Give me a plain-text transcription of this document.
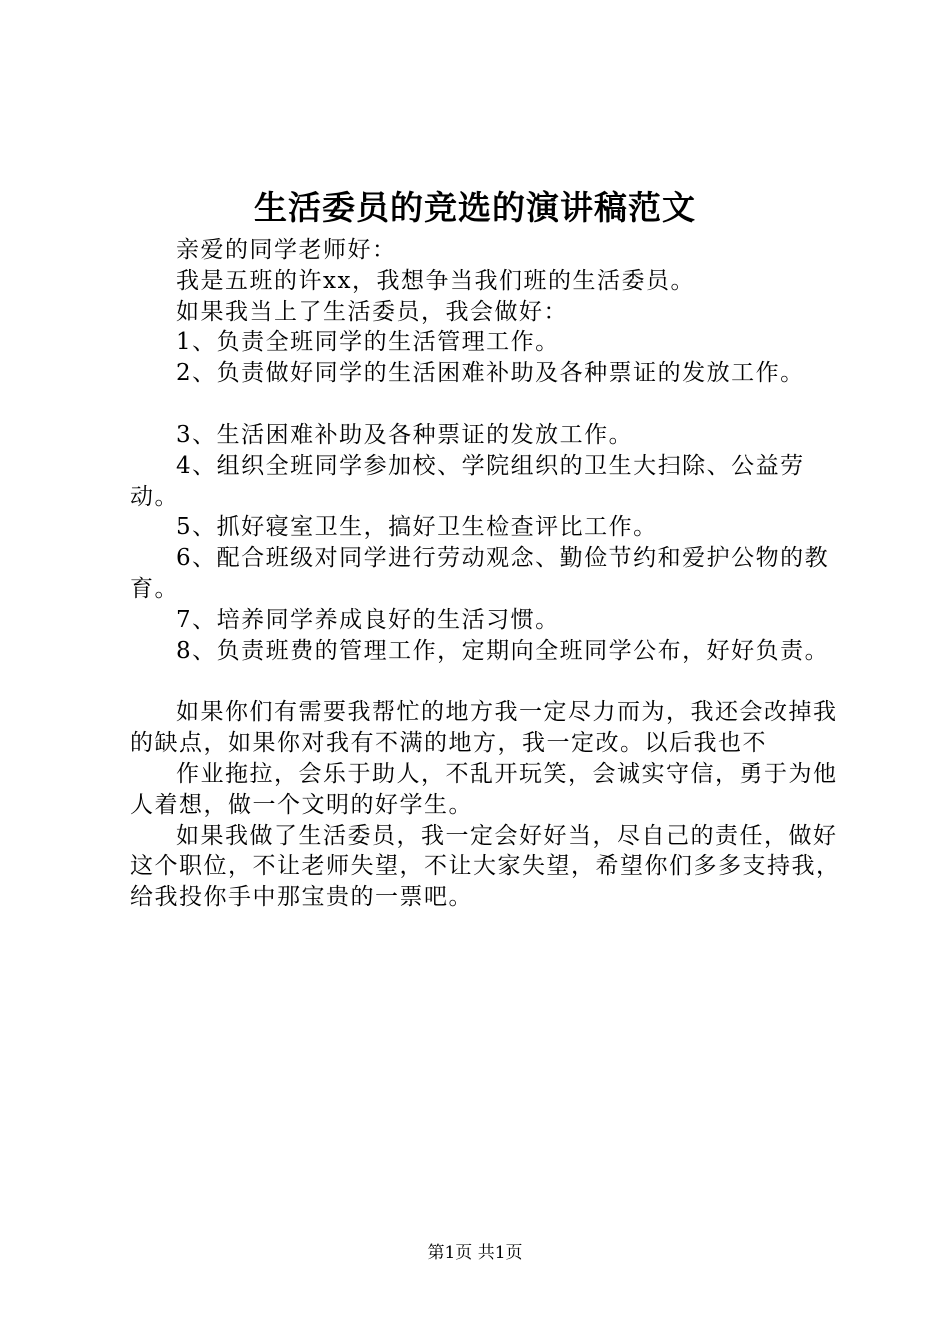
生活委员的竞选的演讲稿范文

亲爱的同学老师好：

我是五班的许xx，我想争当我们班的生活委员。

如果我当上了生活委员，我会做好：

1、负责全班同学的生活管理工作。

2、负责做好同学的生活困难补助及各种票证的发放工作。

3、生活困难补助及各种票证的发放工作。

4、组织全班同学参加校、学院组织的卫生大扫除、公益劳动。

5、抓好寝室卫生，搞好卫生检查评比工作。

6、配合班级对同学进行劳动观念、勤俭节约和爱护公物的教育。

7、培养同学养成良好的生活习惯。

8、负责班费的管理工作，定期向全班同学公布，好好负责。

如果你们有需要我帮忙的地方我一定尽力而为，我还会改掉我的缺点，如果你对我有不满的地方，我一定改。以后我也不

作业拖拉，会乐于助人，不乱开玩笑，会诚实守信，勇于为他人着想，做一个文明的好学生。

如果我做了生活委员，我一定会好好当，尽自己的责任，做好这个职位，不让老师失望，不让大家失望，希望你们多多支持我，给我投你手中那宝贵的一票吧。

第1页 共1页
